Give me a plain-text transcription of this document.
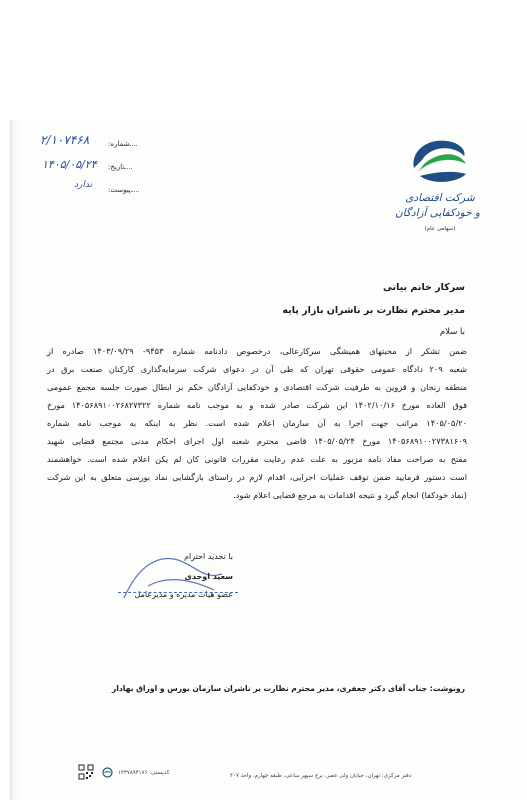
شرکت اقتصادی
و خودکفایی آزادگان
(سهامی عام)
شماره:
تاریخ:
پیوست:
۲/۱۰۷۴۶۸
۱۴۰۵/۰۵/۲۴
ندارد
سرکار خانم بیاتی
مدیر محترم نظارت بر ناشران بازار پایه
با سلام
ضمن تشکر از محبتهای همیشگی سرکارعالی، درخصوص دادنامه شماره ۹۴۵۳- ۱۴۰۳/۰۹/۲۹ صادره از
شعبه ۲۰۹ دادگاه عمومی حقوقی تهران که طی آن در دعوای شرکت سرمایه‌گذاری کارکنان صنعت برق در
منطقه زنجان و قزوین به طرفیت شرکت اقتصادی و خودکفایی آزادگان حکم بر ابطال صورت جلسه مجمع عمومی
فوق العاده مورخ ۱۴۰۲/۱۰/۱۶ این شرکت صادر شده و به موجب نامه شماره ۱۴۰۵۶۸۹۱۰۰۲۶۸۲۷۳۲۲ مورخ
۱۴۰۵/۰۵/۲۰ مراتب جهت اجرا به آن سازمان اعلام شده است. نظر به اینکه به موجب نامه شماره
۱۴۰۵۶۸۹۱۰۰۲۷۳۸۱۶۰۹ مورخ ۱۴۰۵/۰۵/۲۴ قاضی محترم شعبه اول اجرای احکام مدنی مجتمع قضایی شهید
مفتح به صراحت مفاد نامه مزبور به علت عدم رعایت مقررات قانونی کان لم یکن اعلام شده است. خواهشمند
است دستور فرمایید ضمن توقف عملیات اجرایی، اقدام لازم در راستای بازگشایی نماد بورسی متعلق به این شرکت
(نماد خودکفا) انجام گیرد و نتیجه اقدامات به مرجع قضایی اعلام شود.
با تجدید احترام
سعید اوحدی
عضو هیات مدیره و مدیرعامل
رونوشت: جناب آقای دکتر جعفری، مدیر محترم نظارت بر ناشران سازمان بورس و اوراق بهادار
دفتر مرکزی: تهران، خیابان ولی عصر، برج سپهر ساعی، طبقه چهارم، واحد ۴۰۷
کدپستی: ۱۴۳۷۸۹۴۱۷۶
